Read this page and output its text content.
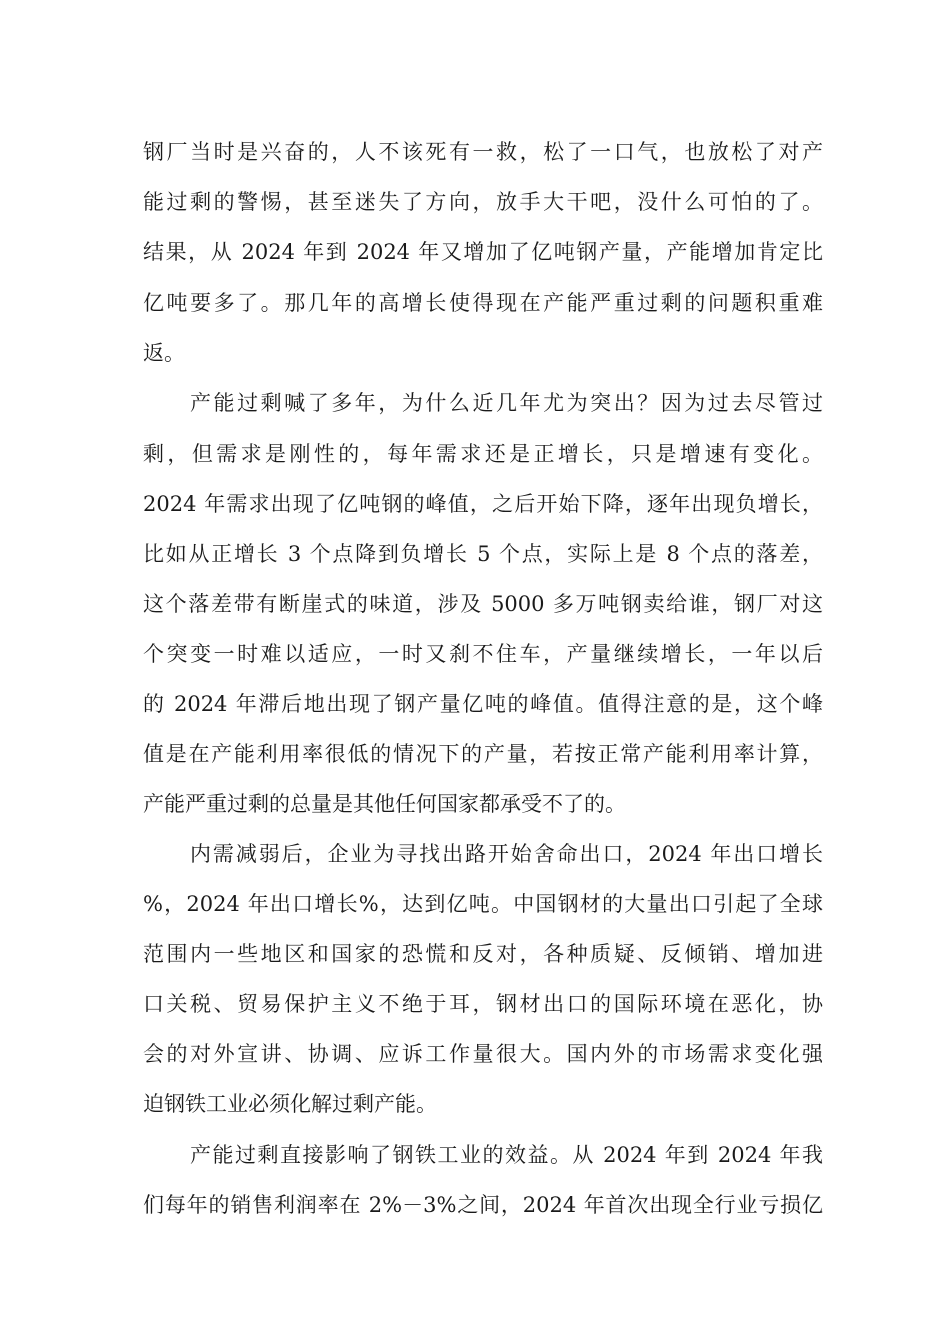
钢厂当时是兴奋的，人不该死有一救，松了一口气，也放松了对产
能过剩的警惕，甚至迷失了方向，放手大干吧，没什么可怕的了。
结果，从 2024 年到 2024 年又增加了亿吨钢产量，产能增加肯定比
亿吨要多了。那几年的高增长使得现在产能严重过剩的问题积重难
返。
产能过剩喊了多年，为什么近几年尤为突出？因为过去尽管过
剩，但需求是刚性的，每年需求还是正增长，只是增速有变化。
2024 年需求出现了亿吨钢的峰值，之后开始下降，逐年出现负增长，
比如从正增长 3 个点降到负增长 5 个点，实际上是 8 个点的落差，
这个落差带有断崖式的味道，涉及 5000 多万吨钢卖给谁，钢厂对这
个突变一时难以适应，一时又刹不住车，产量继续增长，一年以后
的 2024 年滞后地出现了钢产量亿吨的峰值。值得注意的是，这个峰
值是在产能利用率很低的情况下的产量，若按正常产能利用率计算，
产能严重过剩的总量是其他任何国家都承受不了的。
内需减弱后，企业为寻找出路开始舍命出口，2024 年出口增长
%，2024 年出口增长%，达到亿吨。中国钢材的大量出口引起了全球
范围内一些地区和国家的恐慌和反对，各种质疑、反倾销、增加进
口关税、贸易保护主义不绝于耳，钢材出口的国际环境在恶化，协
会的对外宣讲、协调、应诉工作量很大。国内外的市场需求变化强
迫钢铁工业必须化解过剩产能。
产能过剩直接影响了钢铁工业的效益。从 2024 年到 2024 年我
们每年的销售利润率在 2%－3%之间，2024 年首次出现全行业亏损亿
